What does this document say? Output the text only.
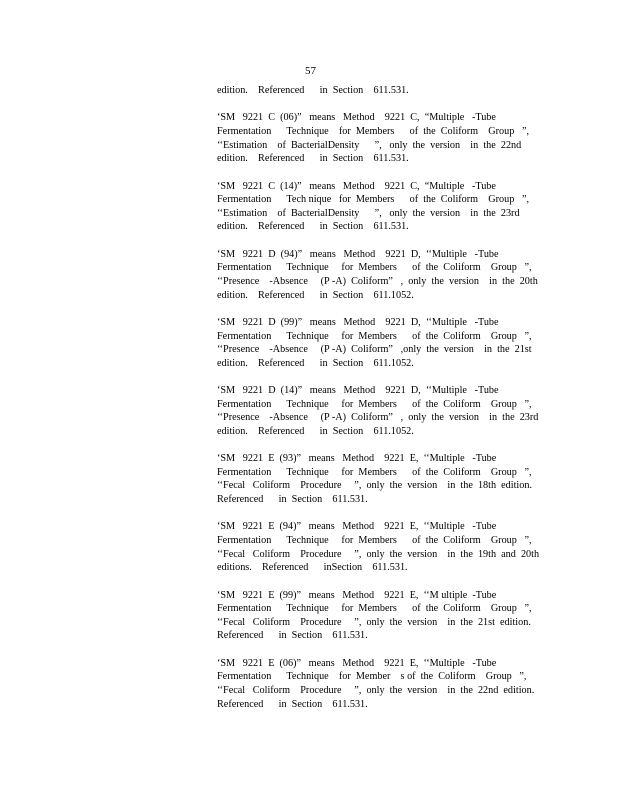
57

edition.    Referenced      in  Section    611.531.

‘SM   9221  C  (06)”   means   Method    9221  C,  “Multiple   -Tube
Fermentation      Technique    for  Members      of  the  Coliform    Group   ”,
‘‘Estimation    of  BacterialDensity      ”,   only  the  version    in  the  22nd
edition.    Referenced      in  Section    611.531.

‘SM   9221  C  (14)”   means   Method    9221  C,  “Multiple   -Tube
Fermentation      Tech nique   for  Members      of  the  Coliform    Group   ”,
‘‘Estimation    of  BacterialDensity      ”,   only  the  version    in  the  23rd
edition.    Referenced      in  Section    611.531.

‘SM   9221  D  (94)”   means   Method    9221  D,  ‘‘Multiple   -Tube
Fermentation      Technique     for  Members      of  the  Coliform    Group   ”,
‘‘Presence    -Absence     (P -A)  Coliform”   ,  only  the  version    in  the  20th
edition.    Referenced      in  Section    611.1052.

‘SM   9221  D  (99)”   means   Method    9221  D,  ‘‘Multiple   -Tube
Fermentation      Technique     for  Members      of  the  Coliform    Group   ”,
‘‘Presence    -Absence     (P -A)  Coliform”   ,only  the  version    in  the  21st
edition.    Referenced      in  Section    611.1052.

‘SM   9221  D  (14)”   means   Method    9221  D,  ‘‘Multiple   -Tube
Fermentation      Technique     for  Members      of  the  Coliform    Group   ”,
‘‘Presence    -Absence     (P -A)  Coliform”   ,  only  the  version    in  the  23rd
edition.    Referenced      in  Section    611.1052.

‘SM   9221  E  (93)”   means   Method    9221  E,  ‘‘Multiple   -Tube
Fermentation      Technique     for  Members      of  the  Coliform    Group   ”,
‘‘Fecal   Coliform    Procedure     ”,  only  the  version    in  the  18th  edition.
Referenced      in  Section    611.531.

‘SM   9221  E  (94)”   means   Method    9221  E,  ‘‘Multiple   -Tube
Fermentation      Technique     for  Members      of  the  Coliform    Group   ”,
‘‘Fecal   Coliform    Procedure     ”,  only  the  version    in  the  19th  and  20th
editions.    Referenced      inSection    611.531.

‘SM   9221  E  (99)”   means   Method    9221  E,  ‘‘M ultiple  -Tube
Fermentation      Technique     for  Members      of  the  Coliform    Group   ”,
‘‘Fecal   Coliform    Procedure     ”,  only  the  version    in  the  21st  edition.
Referenced      in  Section    611.531.

‘SM   9221  E  (06)”   means   Method    9221  E,  ‘‘Multiple   -Tube
Fermentation      Technique    for  Member    s of  the  Coliform    Group   ”,
‘‘Fecal   Coliform    Procedure     ”,  only  the  version    in  the  22nd  edition.
Referenced      in  Section    611.531.
